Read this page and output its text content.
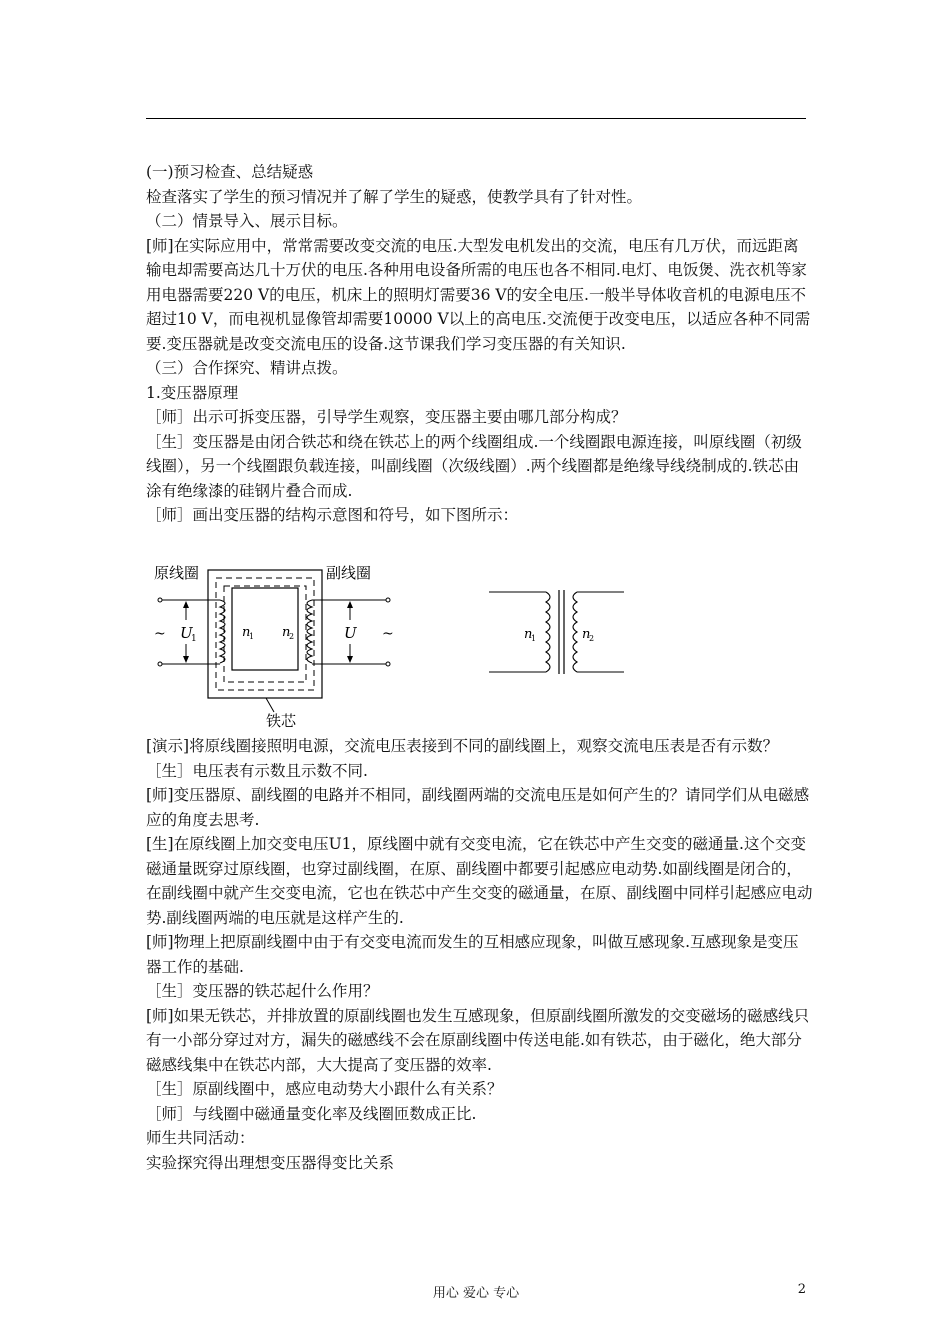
(一)预习检查、总结疑惑

检查落实了学生的预习情况并了解了学生的疑惑，使教学具有了针对性。

（二）情景导入、展示目标。

[师]在实际应用中，常常需要改变交流的电压.大型发电机发出的交流，电压有几万伏，而远距离输电却需要高达几十万伏的电压.各种用电设备所需的电压也各不相同.电灯、电饭煲、洗衣机等家用电器需要220 V的电压，机床上的照明灯需要36 V的安全电压.一般半导体收音机的电源电压不超过10 V，而电视机显像管却需要10000 V以上的高电压.交流便于改变电压，以适应各种不同需要.变压器就是改变交流电压的设备.这节课我们学习变压器的有关知识.

（三）合作探究、精讲点拨。

1.变压器原理

［师］出示可拆变压器，引导学生观察，变压器主要由哪几部分构成？

［生］变压器是由闭合铁芯和绕在铁芯上的两个线圈组成.一个线圈跟电源连接，叫原线圈（初级线圈），另一个线圈跟负载连接，叫副线圈（次级线圈）.两个线圈都是绝缘导线绕制成的.铁芯由涂有绝缘漆的硅钢片叠合而成.

［师］画出变压器的结构示意图和符号，如下图所示：

原线圈	副线圈
铁芯
~	~
U
1	U
n
1 n
2	n
1	n
2

[演示]将原线圈接照明电源，交流电压表接到不同的副线圈上，观察交流电压表是否有示数？

［生］电压表有示数且示数不同.

[师]变压器原、副线圈的电路并不相同，副线圈两端的交流电压是如何产生的？请同学们从电磁感应的角度去思考.

[生]在原线圈上加交变电压U1，原线圈中就有交变电流，它在铁芯中产生交变的磁通量.这个交变磁通量既穿过原线圈，也穿过副线圈，在原、副线圈中都要引起感应电动势.如副线圈是闭合的，在副线圈中就产生交变电流，它也在铁芯中产生交变的磁通量，在原、副线圈中同样引起感应电动势.副线圈两端的电压就是这样产生的.

[师]物理上把原副线圈中由于有交变电流而发生的互相感应现象，叫做互感现象.互感现象是变压器工作的基础.

［生］变压器的铁芯起什么作用？

[师]如果无铁芯，并排放置的原副线圈也发生互感现象，但原副线圈所激发的交变磁场的磁感线只有一小部分穿过对方，漏失的磁感线不会在原副线圈中传送电能.如有铁芯，由于磁化，绝大部分磁感线集中在铁芯内部，大大提高了变压器的效率.

［生］原副线圈中，感应电动势大小跟什么有关系？

［师］与线圈中磁通量变化率及线圈匝数成正比.

师生共同活动：

实验探究得出理想变压器得变比关系

用心 爱心 专心	2
